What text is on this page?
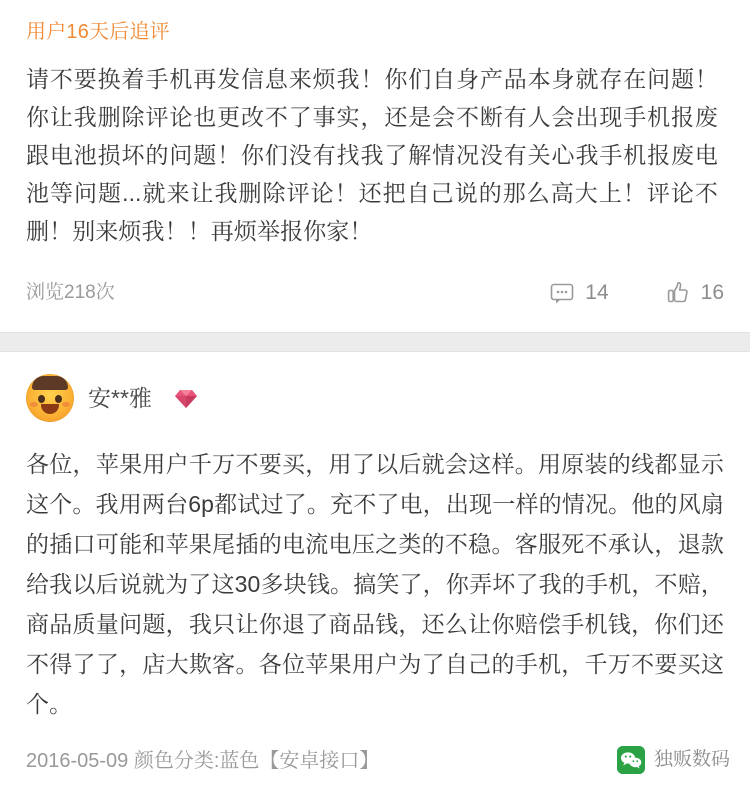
用户16天后追评
请不要换着手机再发信息来烦我！你们自身产品本身就存在问题！你让我删除评论也更改不了事实，还是会不断有人会出现手机报废跟电池损坏的问题！你们没有找我了解情况没有关心我手机报废电池等问题...就来让我删除评论！还把自己说的那么高大上！评论不删！别来烦我！！再烦举报你家！
浏览218次	14	16
安**雅
各位，苹果用户千万不要买，用了以后就会这样。用原装的线都显示这个。我用两台6p都试过了。充不了电，出现一样的情况。他的风扇的插口可能和苹果尾插的电流电压之类的不稳。客服死不承认，退款给我以后说就为了这30多块钱。搞笑了，你弄坏了我的手机，不赔，商品质量问题，我只让你退了商品钱，还么让你赔偿手机钱，你们还不得了了，店大欺客。各位苹果用户为了自己的手机，千万不要买这个。
2016-05-09 颜色分类:蓝色【安卓接口】	独贩数码
